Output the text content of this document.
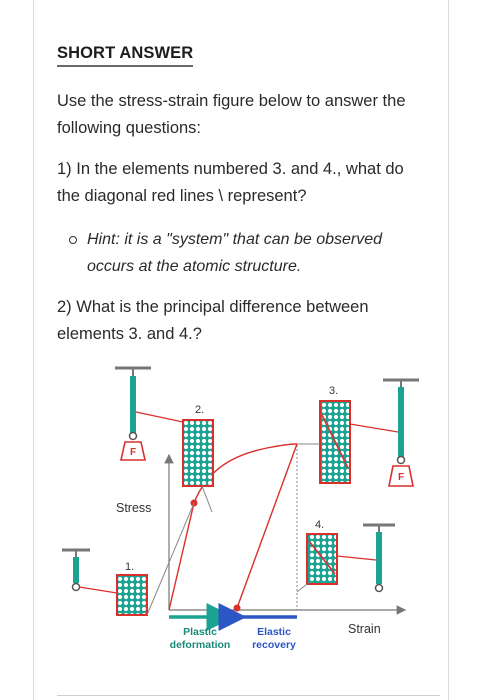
SHORT ANSWER

Use the stress-strain figure below to answer the following questions:

1) In the elements numbered 3. and 4., what do the diagonal red lines \ represent?

Hint: it is a "system" that can be observed occurs at the atomic structure.

2) What is the principal difference between elements 3. and 4.?

Stress
Strain
Plastic
deformation
Elastic
recovery
1.
F
2.
F
3.
4.
